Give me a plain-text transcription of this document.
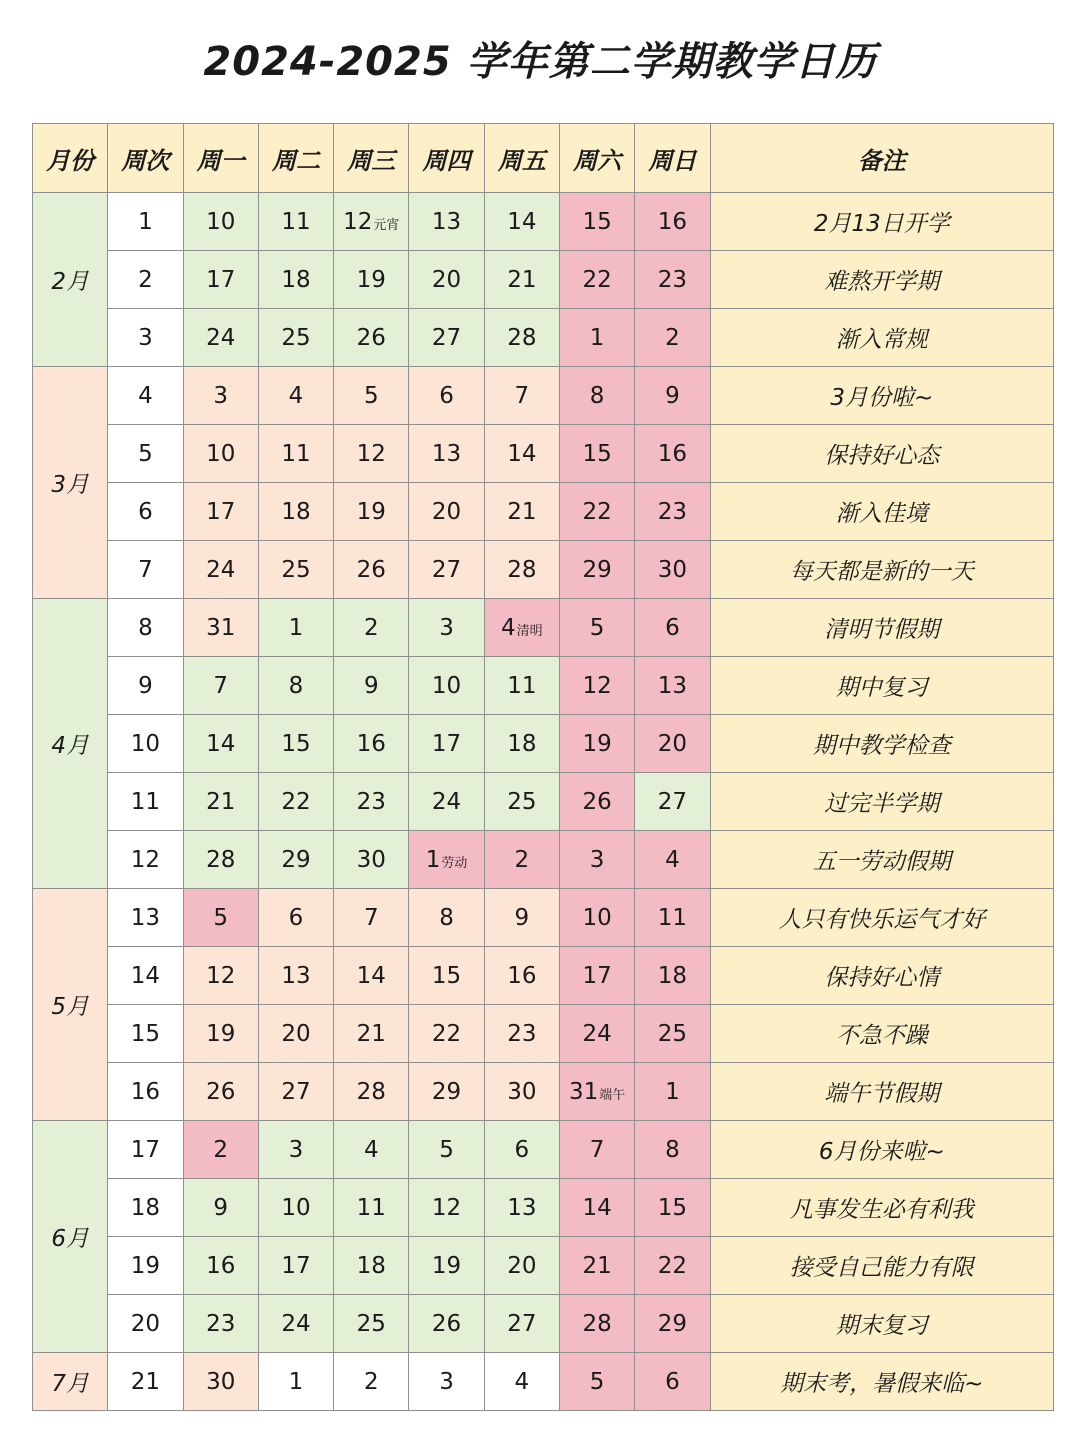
2024-2025 学年第二学期教学日历
月份	周次	周一	周二	周三	周四	周五	周六	周日	备注
2月	1	10	11	12元宵	13	14	15	16	2月13日开学
	2	17	18	19	20	21	22	23	难熬开学期
	3	24	25	26	27	28	1	2	渐入常规
3月	4	3	4	5	6	7	8	9	3月份啦~
	5	10	11	12	13	14	15	16	保持好心态
	6	17	18	19	20	21	22	23	渐入佳境
	7	24	25	26	27	28	29	30	每天都是新的一天
4月	8	31	1	2	3	4清明	5	6	清明节假期
	9	7	8	9	10	11	12	13	期中复习
	10	14	15	16	17	18	19	20	期中教学检查
	11	21	22	23	24	25	26	27	过完半学期
	12	28	29	30	1劳动	2	3	4	五一劳动假期
5月	13	5	6	7	8	9	10	11	人只有快乐运气才好
	14	12	13	14	15	16	17	18	保持好心情
	15	19	20	21	22	23	24	25	不急不躁
	16	26	27	28	29	30	31端午	1	端午节假期
6月	17	2	3	4	5	6	7	8	6月份来啦~
	18	9	10	11	12	13	14	15	凡事发生必有利我
	19	16	17	18	19	20	21	22	接受自己能力有限
	20	23	24	25	26	27	28	29	期末复习
7月	21	30	1	2	3	4	5	6	期末考，暑假来临~
